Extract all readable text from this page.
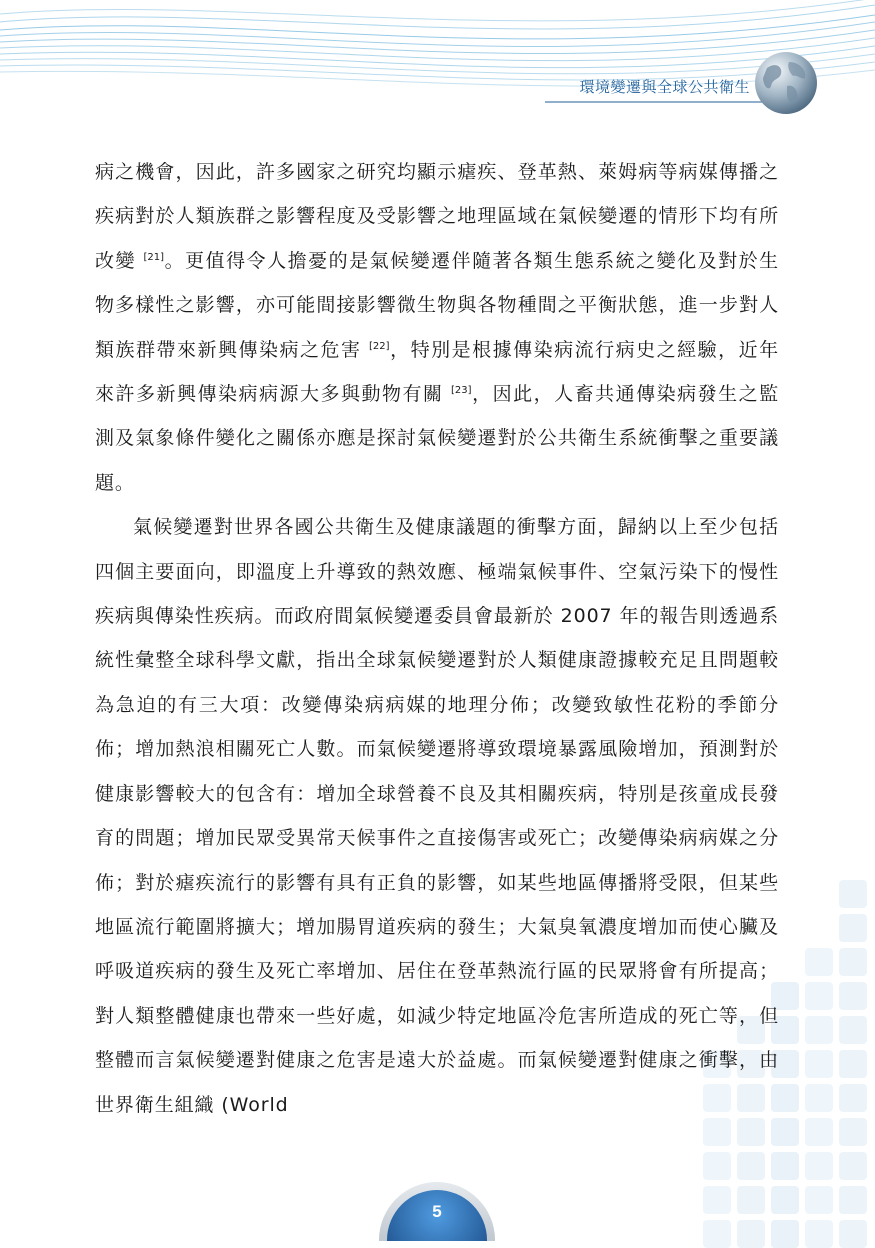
環境變遷與全球公共衛生

病之機會，因此，許多國家之研究均顯示瘧疾、登革熱、萊姆病等病媒傳播之疾病對於人類族群之影響程度及受影響之地理區域在氣候變遷的情形下均有所改變 [21]。更值得令人擔憂的是氣候變遷伴隨著各類生態系統之變化及對於生物多樣性之影響，亦可能間接影響微生物與各物種間之平衡狀態，進一步對人類族群帶來新興傳染病之危害 [22]，特別是根據傳染病流行病史之經驗，近年來許多新興傳染病病源大多與動物有關 [23]，因此，人畜共通傳染病發生之監測及氣象條件變化之關係亦應是探討氣候變遷對於公共衛生系統衝擊之重要議題。

氣候變遷對世界各國公共衛生及健康議題的衝擊方面，歸納以上至少包括四個主要面向，即溫度上升導致的熱效應、極端氣候事件、空氣污染下的慢性疾病與傳染性疾病。而政府間氣候變遷委員會最新於 2007 年的報告則透過系統性彙整全球科學文獻，指出全球氣候變遷對於人類健康證據較充足且問題較為急迫的有三大項：改變傳染病病媒的地理分佈；改變致敏性花粉的季節分佈；增加熱浪相關死亡人數。而氣候變遷將導致環境暴露風險增加，預測對於健康影響較大的包含有：增加全球營養不良及其相關疾病，特別是孩童成長發育的問題；增加民眾受異常天候事件之直接傷害或死亡；改變傳染病病媒之分佈；對於瘧疾流行的影響有具有正負的影響，如某些地區傳播將受限，但某些地區流行範圍將擴大；增加腸胃道疾病的發生；大氣臭氧濃度增加而使心臟及呼吸道疾病的發生及死亡率增加、居住在登革熱流行區的民眾將會有所提高；對人類整體健康也帶來一些好處，如減少特定地區冷危害所造成的死亡等，但整體而言氣候變遷對健康之危害是遠大於益處。而氣候變遷對健康之衝擊，由世界衛生組織 (World

5
